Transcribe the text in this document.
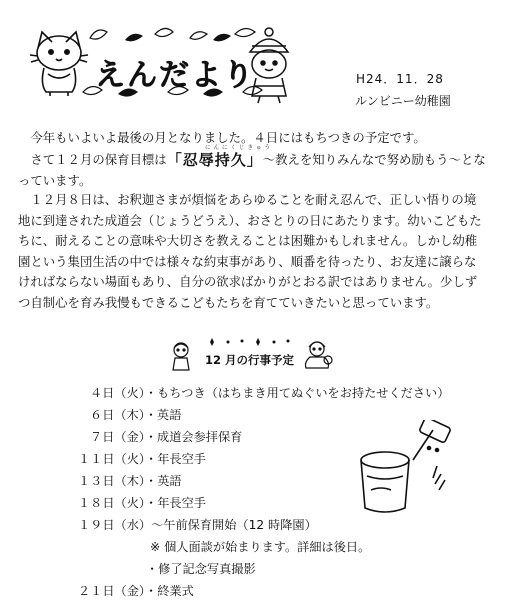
えんだより	H24．11．28
ルンビニー幼稚園

 今年もいよいよ最後の月となりました。４日にはもちつきの予定です。

にんにくじきゅう

 さて１２月の保育目標は「忍辱持久」～教えを知りみんなで努め励もう～となっています。

 １２月８日は、お釈迦さまが煩悩をあらゆることを耐え忍んで、正しい悟りの境地に到達された成道会（じょうどうえ）、おさとりの日にあたります。幼いこどもたちに、耐えることの意味や大切さを教えることは困難かもしれません。しかし幼稚園という集団生活の中では様々な約束事があり、順番を待ったり、お友達に譲らなければならない場面もあり、自分の欲求ばかりがとおる訳ではありません。少しずつ自制心を育み我慢もできるこどもたちを育てていきたいと思っています。

12 月の行事予定
４日（火）・もちつき（はちまき用てぬぐいをお持たせください）
６日（木）・英語
７日（金）・成道会参拝保育
１１日（火）・年長空手
１３日（木）・英語
１８日（火）・年長空手
１９日（水）～午前保育開始（12 時降園）
※ 個人面談が始まります。詳細は後日。
・修了記念写真撮影
２１日（金）・終業式
